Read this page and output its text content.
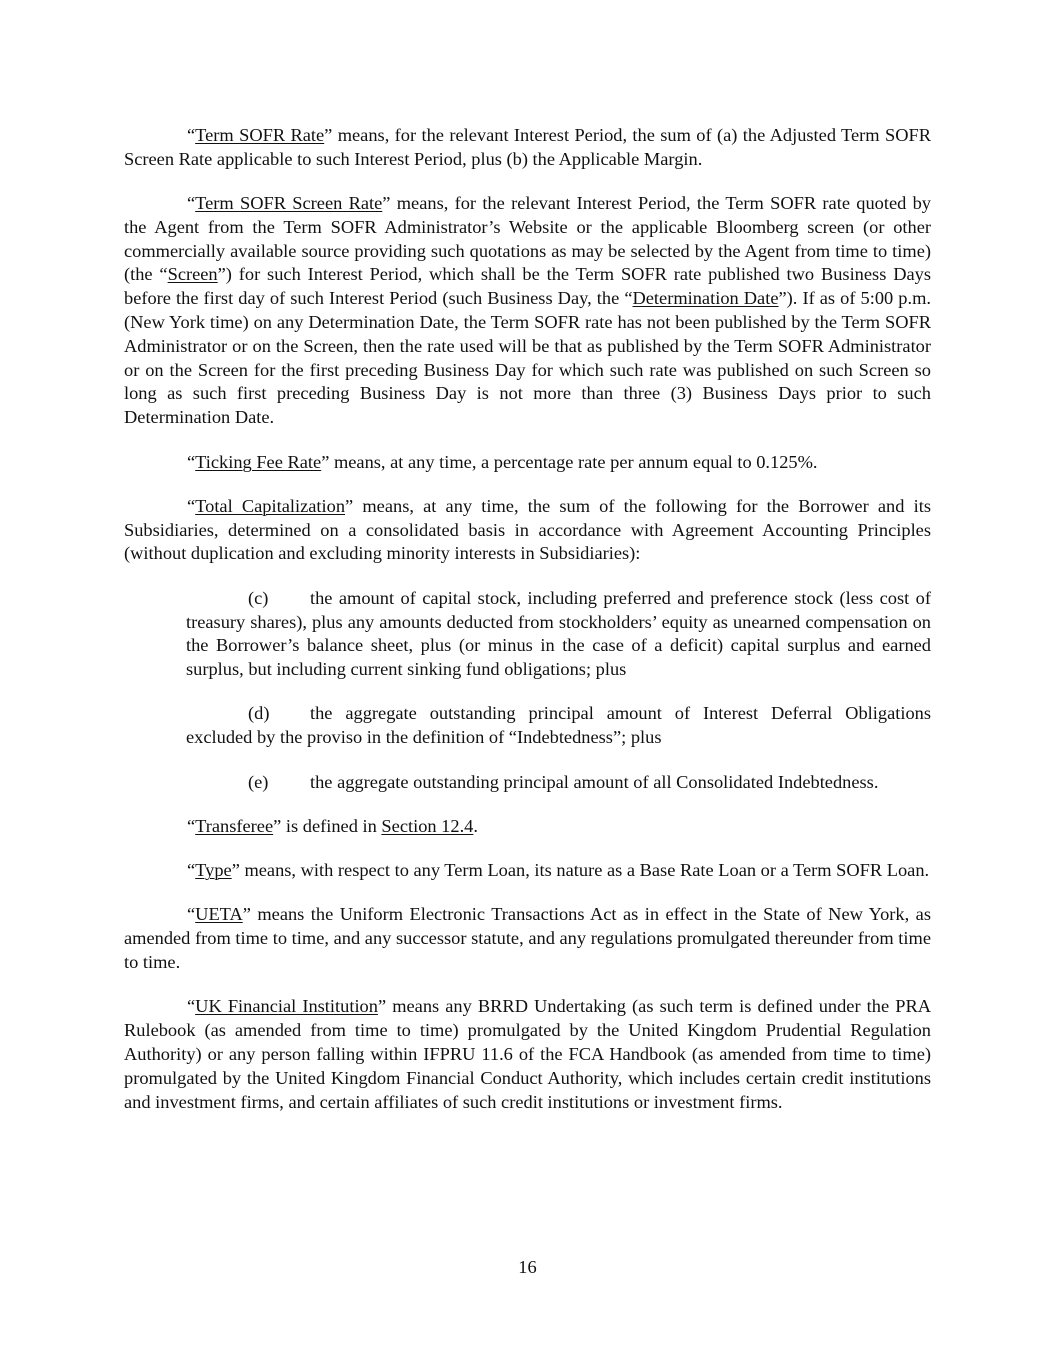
“Term SOFR Rate” means, for the relevant Interest Period, the sum of (a) the Adjusted Term SOFR Screen Rate applicable to such Interest Period, plus (b) the Applicable Margin.

“Term SOFR Screen Rate” means, for the relevant Interest Period, the Term SOFR rate quoted by the Agent from the Term SOFR Administrator’s Website or the applicable Bloomberg screen (or other commercially available source providing such quotations as may be selected by the Agent from time to time) (the “Screen”) for such Interest Period, which shall be the Term SOFR rate published two Business Days before the first day of such Interest Period (such Business Day, the “Determination Date”). If as of 5:00 p.m. (New York time) on any Determination Date, the Term SOFR rate has not been published by the Term SOFR Administrator or on the Screen, then the rate used will be that as published by the Term SOFR Administrator or on the Screen for the first preceding Business Day for which such rate was published on such Screen so long as such first preceding Business Day is not more than three (3) Business Days prior to such Determination Date.

“Ticking Fee Rate” means, at any time, a percentage rate per annum equal to 0.125%.

“Total Capitalization” means, at any time, the sum of the following for the Borrower and its Subsidiaries, determined on a consolidated basis in accordance with Agreement Accounting Principles (without duplication and excluding minority interests in Subsidiaries):

(c) the amount of capital stock, including preferred and preference stock (less cost of treasury shares), plus any amounts deducted from stockholders’ equity as unearned compensation on the Borrower’s balance sheet, plus (or minus in the case of a deficit) capital surplus and earned surplus, but including current sinking fund obligations; plus

(d) the aggregate outstanding principal amount of Interest Deferral Obligations excluded by the proviso in the definition of “Indebtedness”; plus

(e) the aggregate outstanding principal amount of all Consolidated Indebtedness.

“Transferee” is defined in Section 12.4.

“Type” means, with respect to any Term Loan, its nature as a Base Rate Loan or a Term SOFR Loan.

“UETA” means the Uniform Electronic Transactions Act as in effect in the State of New York, as amended from time to time, and any successor statute, and any regulations promulgated thereunder from time to time.

“UK Financial Institution” means any BRRD Undertaking (as such term is defined under the PRA Rulebook (as amended from time to time) promulgated by the United Kingdom Prudential Regulation Authority) or any person falling within IFPRU 11.6 of the FCA Handbook (as amended from time to time) promulgated by the United Kingdom Financial Conduct Authority, which includes certain credit institutions and investment firms, and certain affiliates of such credit institutions or investment firms.

16
